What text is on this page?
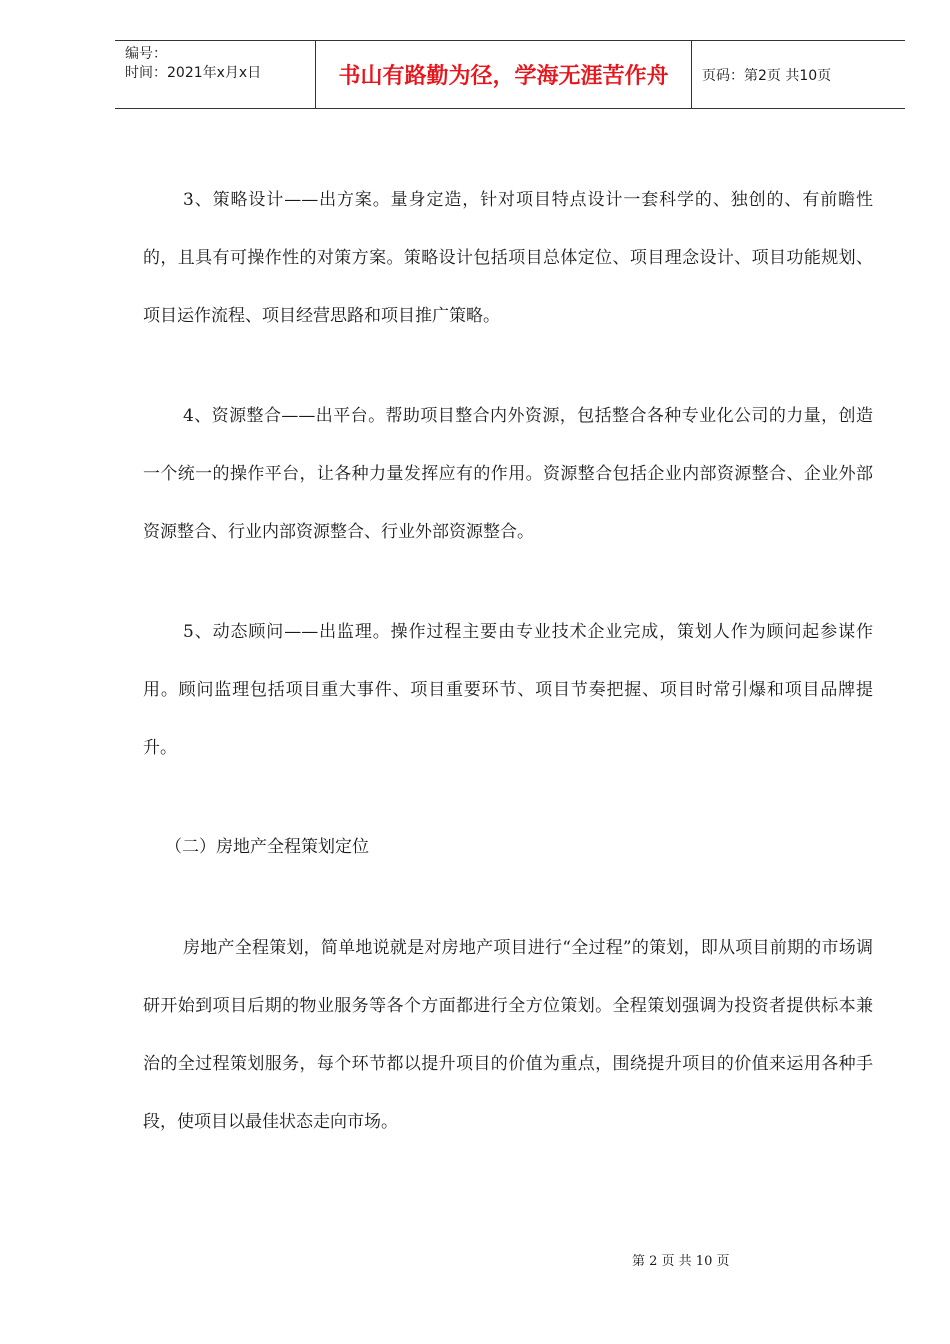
编号：
时间：2021年x月x日	书山有路勤为径，学海无涯苦作舟	页码：第2页 共10页

3、策略设计——出方案。量身定造，针对项目特点设计一套科学的、独创的、有前瞻性的，且具有可操作性的对策方案。策略设计包括项目总体定位、项目理念设计、项目功能规划、项目运作流程、项目经营思路和项目推广策略。

4、资源整合——出平台。帮助项目整合内外资源，包括整合各种专业化公司的力量，创造一个统一的操作平台，让各种力量发挥应有的作用。资源整合包括企业内部资源整合、企业外部资源整合、行业内部资源整合、行业外部资源整合。

5、动态顾问——出监理。操作过程主要由专业技术企业完成，策划人作为顾问起参谋作用。顾问监理包括项目重大事件、项目重要环节、项目节奏把握、项目时常引爆和项目品牌提升。

（二）房地产全程策划定位

房地产全程策划，简单地说就是对房地产项目进行“全过程”的策划，即从项目前期的市场调研开始到项目后期的物业服务等各个方面都进行全方位策划。全程策划强调为投资者提供标本兼治的全过程策划服务，每个环节都以提升项目的价值为重点，围绕提升项目的价值来运用各种手段，使项目以最佳状态走向市场。

第 2 页 共 10 页
